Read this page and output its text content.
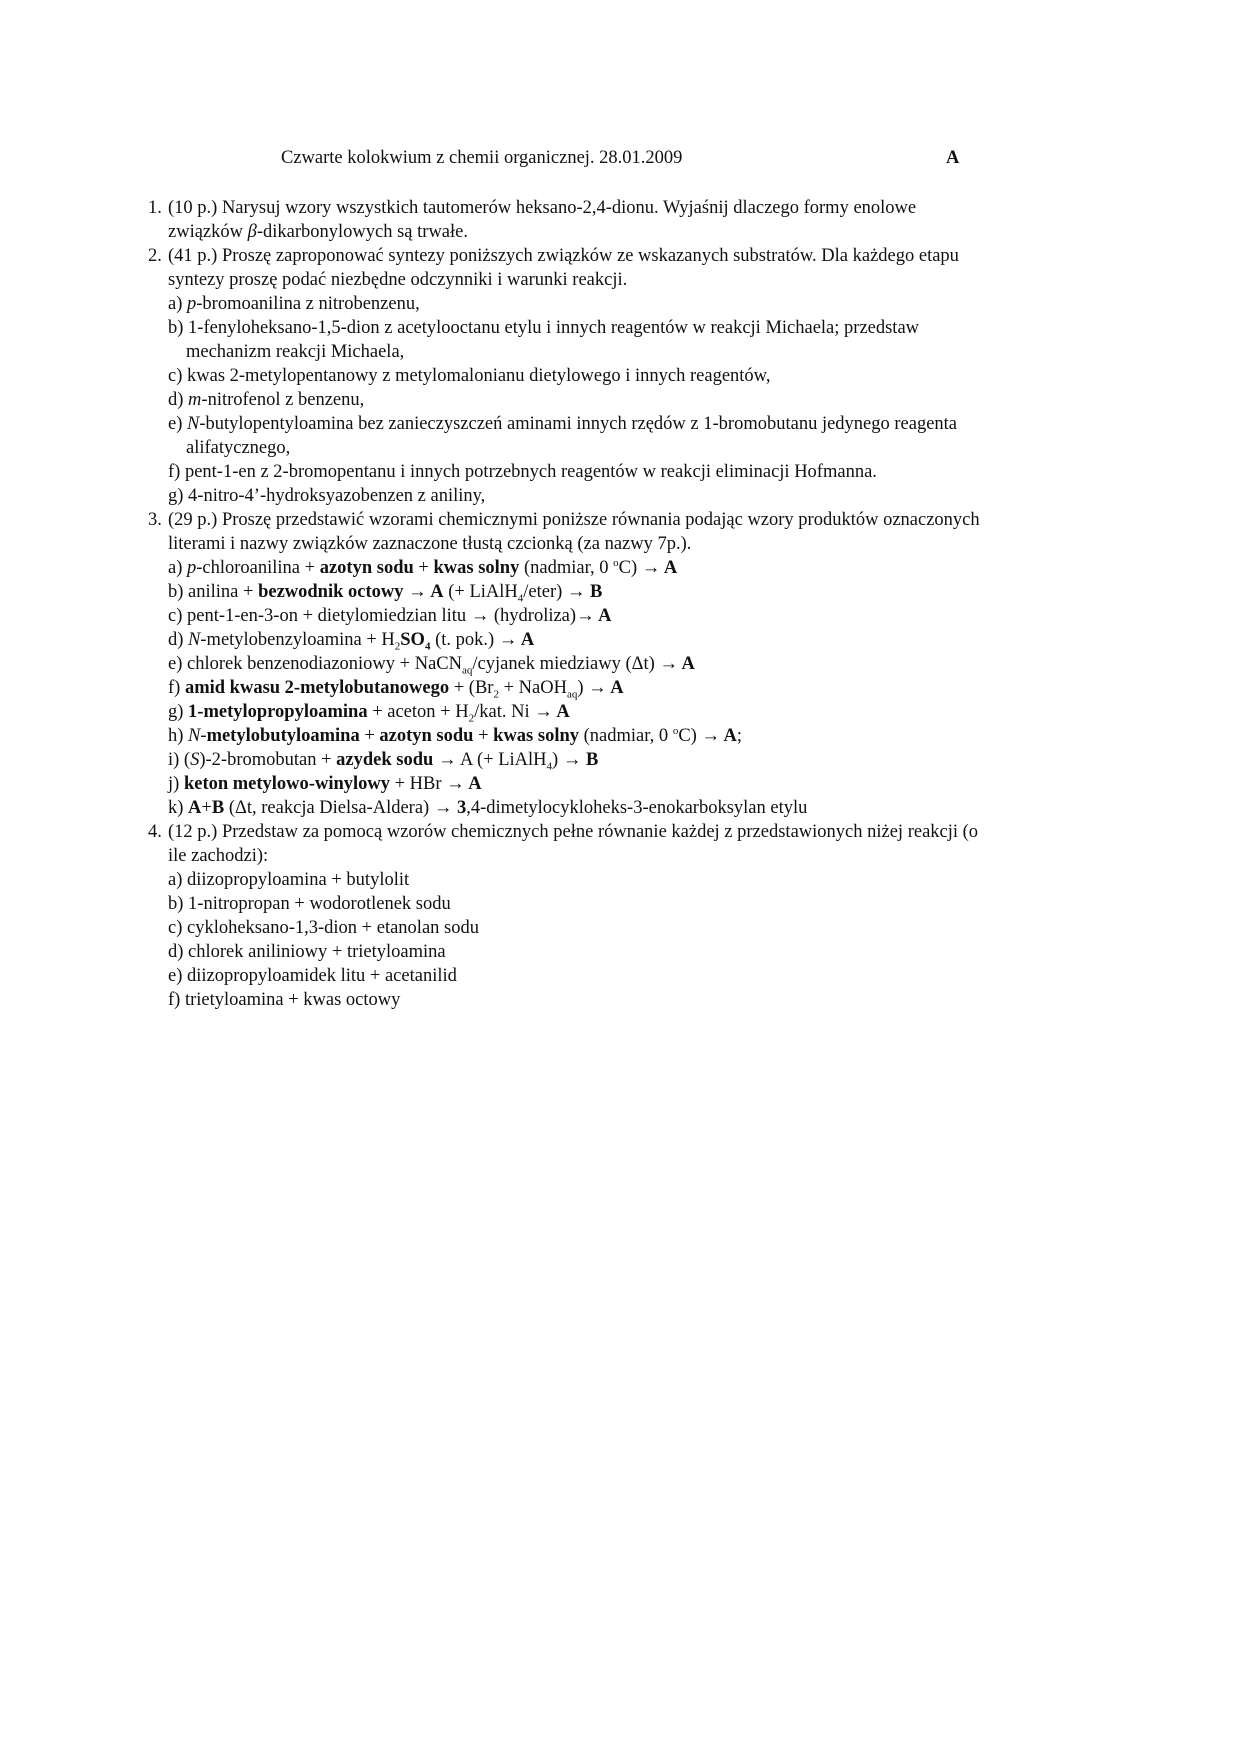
Czwarte kolokwium z chemii organicznej. 28.01.2009	A
1. (10 p.) Narysuj wzory wszystkich tautomerów heksano-2,4-dionu. Wyjaśnij dlaczego formy enolowe
związków β-dikarbonylowych są trwałe.
2. (41 p.) Proszę zaproponować syntezy poniższych związków ze wskazanych substratów. Dla każdego etapu
syntezy proszę podać niezbędne odczynniki i warunki reakcji.
a) p-bromoanilina z nitrobenzenu,
b) 1-fenyloheksano-1,5-dion z acetylooctanu etylu i innych reagentów w reakcji Michaela; przedstaw
mechanizm reakcji Michaela,
c) kwas 2-metylopentanowy z metylomalonianu dietylowego i innych reagentów,
d) m-nitrofenol z benzenu,
e) N-butylopentyloamina bez zanieczyszczeń aminami innych rzędów z 1-bromobutanu jedynego reagenta
alifatycznego,
f) pent-1-en z 2-bromopentanu i innych potrzebnych reagentów w reakcji eliminacji Hofmanna.
g) 4-nitro-4’-hydroksyazobenzen z aniliny,
3. (29 p.) Proszę przedstawić wzorami chemicznymi poniższe równania podając wzory produktów oznaczonych
literami i nazwy związków zaznaczone tłustą czcionką (za nazwy 7p.).
a) p-chloroanilina + azotyn sodu + kwas solny (nadmiar, 0 $^o$C) → A
b) anilina + bezwodnik octowy → A (+ LiAlH$_4$/eter) → B
c) pent-1-en-3-on + dietylomiedzian litu → (hydroliza)→ A
d) N-metylobenzyloamina + $H_2SO_4$ (t. pok.) → A
e) chlorek benzenodiazoniowy + NaCN$_{aq}$/cyjanek miedziawy (Δt) → A
f) amid kwasu 2-metylobutanowego + ($Br_2$ + NaOH$_{aq}$) → A
g) 1-metylopropyloamina + aceton + $H_2$/kat. Ni → A
h) N-metylobutyloamina + azotyn sodu + kwas solny (nadmiar, 0 $^o$C) → A;
i) (S)-2-bromobutan + azydek sodu → A (+ LiAlH$_4$) → B
j) keton metylowo-winylowy + HBr → A
k) A+B (Δt, reakcja Dielsa-Aldera) → 3,4-dimetylocykloheks-3-enokarboksylan etylu
4. (12 p.) Przedstaw za pomocą wzorów chemicznych pełne równanie każdej z przedstawionych niżej reakcji (o
ile zachodzi):
a) diizopropyloamina + butylolit
b) 1-nitropropan + wodorotlenek sodu
c) cykloheksano-1,3-dion + etanolan sodu
d) chlorek aniliniowy + trietyloamina
e) diizopropyloamidek litu + acetanilid
f) trietyloamina + kwas octowy
